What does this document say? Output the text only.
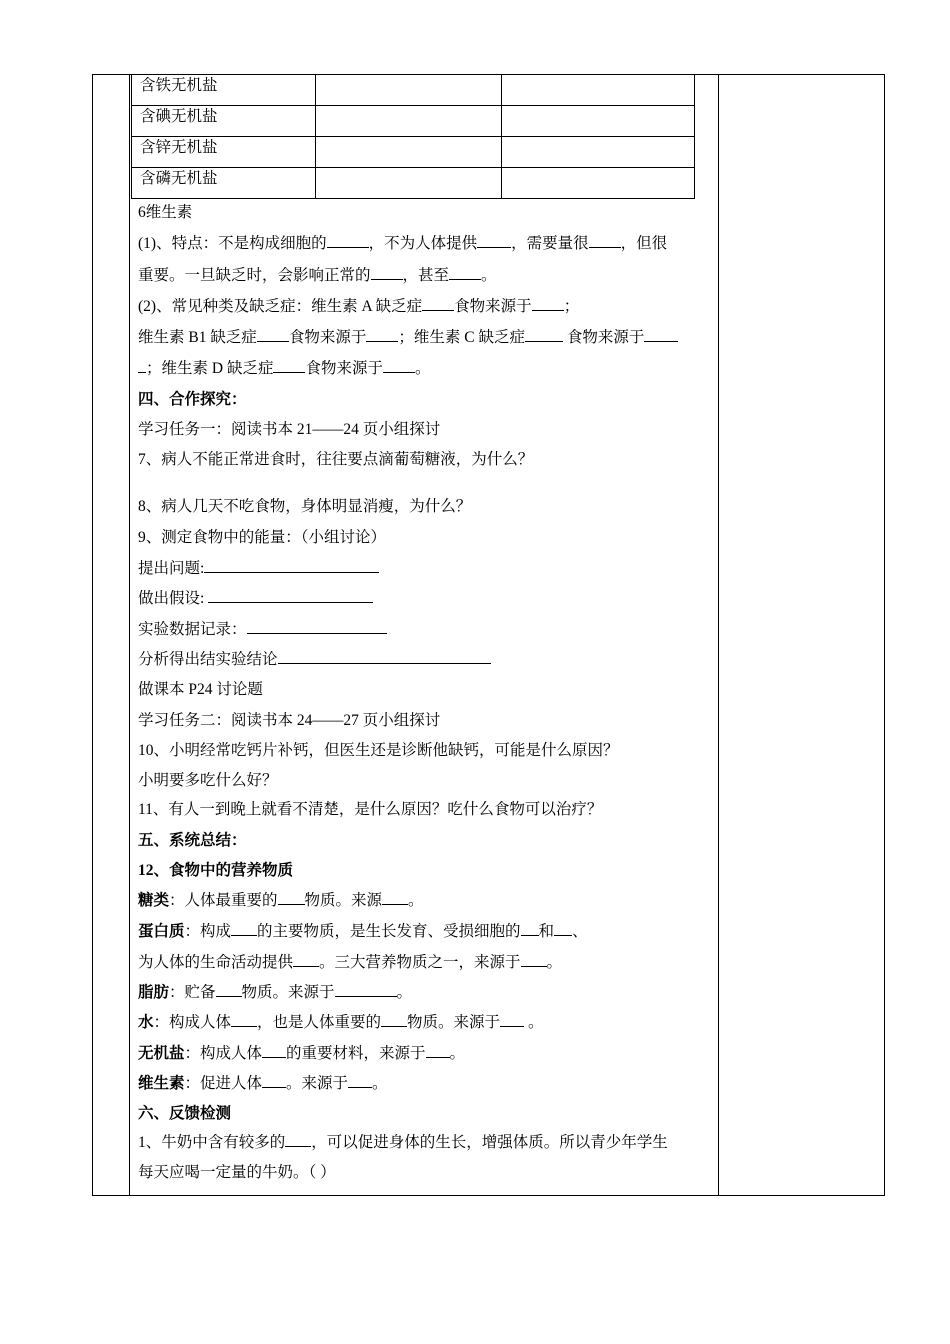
含铁无机盐		
含碘无机盐		
含锌无机盐		
含磷无机盐		
6维生素
(1)、特点：不是构成细胞的	，不为人体提供 ，需要量很 ，但很
重要。一旦缺乏时，会影响正常的 ，甚至 。
(2)、常见种类及缺乏症：维生素 A 缺乏症 食物来源于 ；
维生素 B1 缺乏症 食物来源于 ；维生素 C 缺乏症 食物来源于
；维生素 D 缺乏症 食物来源于 。
四、合作探究：
学习任务一：阅读书本 21——24 页小组探讨
7、病人不能正常进食时，往往要点滴葡萄糖液，为什么？
8、病人几天不吃食物，身体明显消瘦，为什么？
9、测定食物中的能量：（小组讨论）
提出问题:
做出假设:
实验数据记录：
分析得出结实验结论
做课本 P24 讨论题
学习任务二：阅读书本 24——27 页小组探讨
10、小明经常吃钙片补钙，但医生还是诊断他缺钙，可能是什么原因？
小明要多吃什么好？
11、有人一到晚上就看不清楚，是什么原因？吃什么食物可以治疗？
五、系统总结：
12、食物中的营养物质
糖类：人体最重要的 物质。来源 。
蛋白质：构成 的主要物质，是生长发育、受损细胞的 和 、
为人体的生命活动提供 。三大营养物质之一，来源于 。
脂肪：贮备 物质。来源于	。
水：构成人体 ，也是人体重要的 物质。来源于 。
无机盐：构成人体 的重要材料，来源于 。
维生素：促进人体 。来源于 。
六、反馈检测
1、牛奶中含有较多的 ，可以促进身体的生长，增强体质。所以青少年学生
每天应喝一定量的牛奶。（ ）
